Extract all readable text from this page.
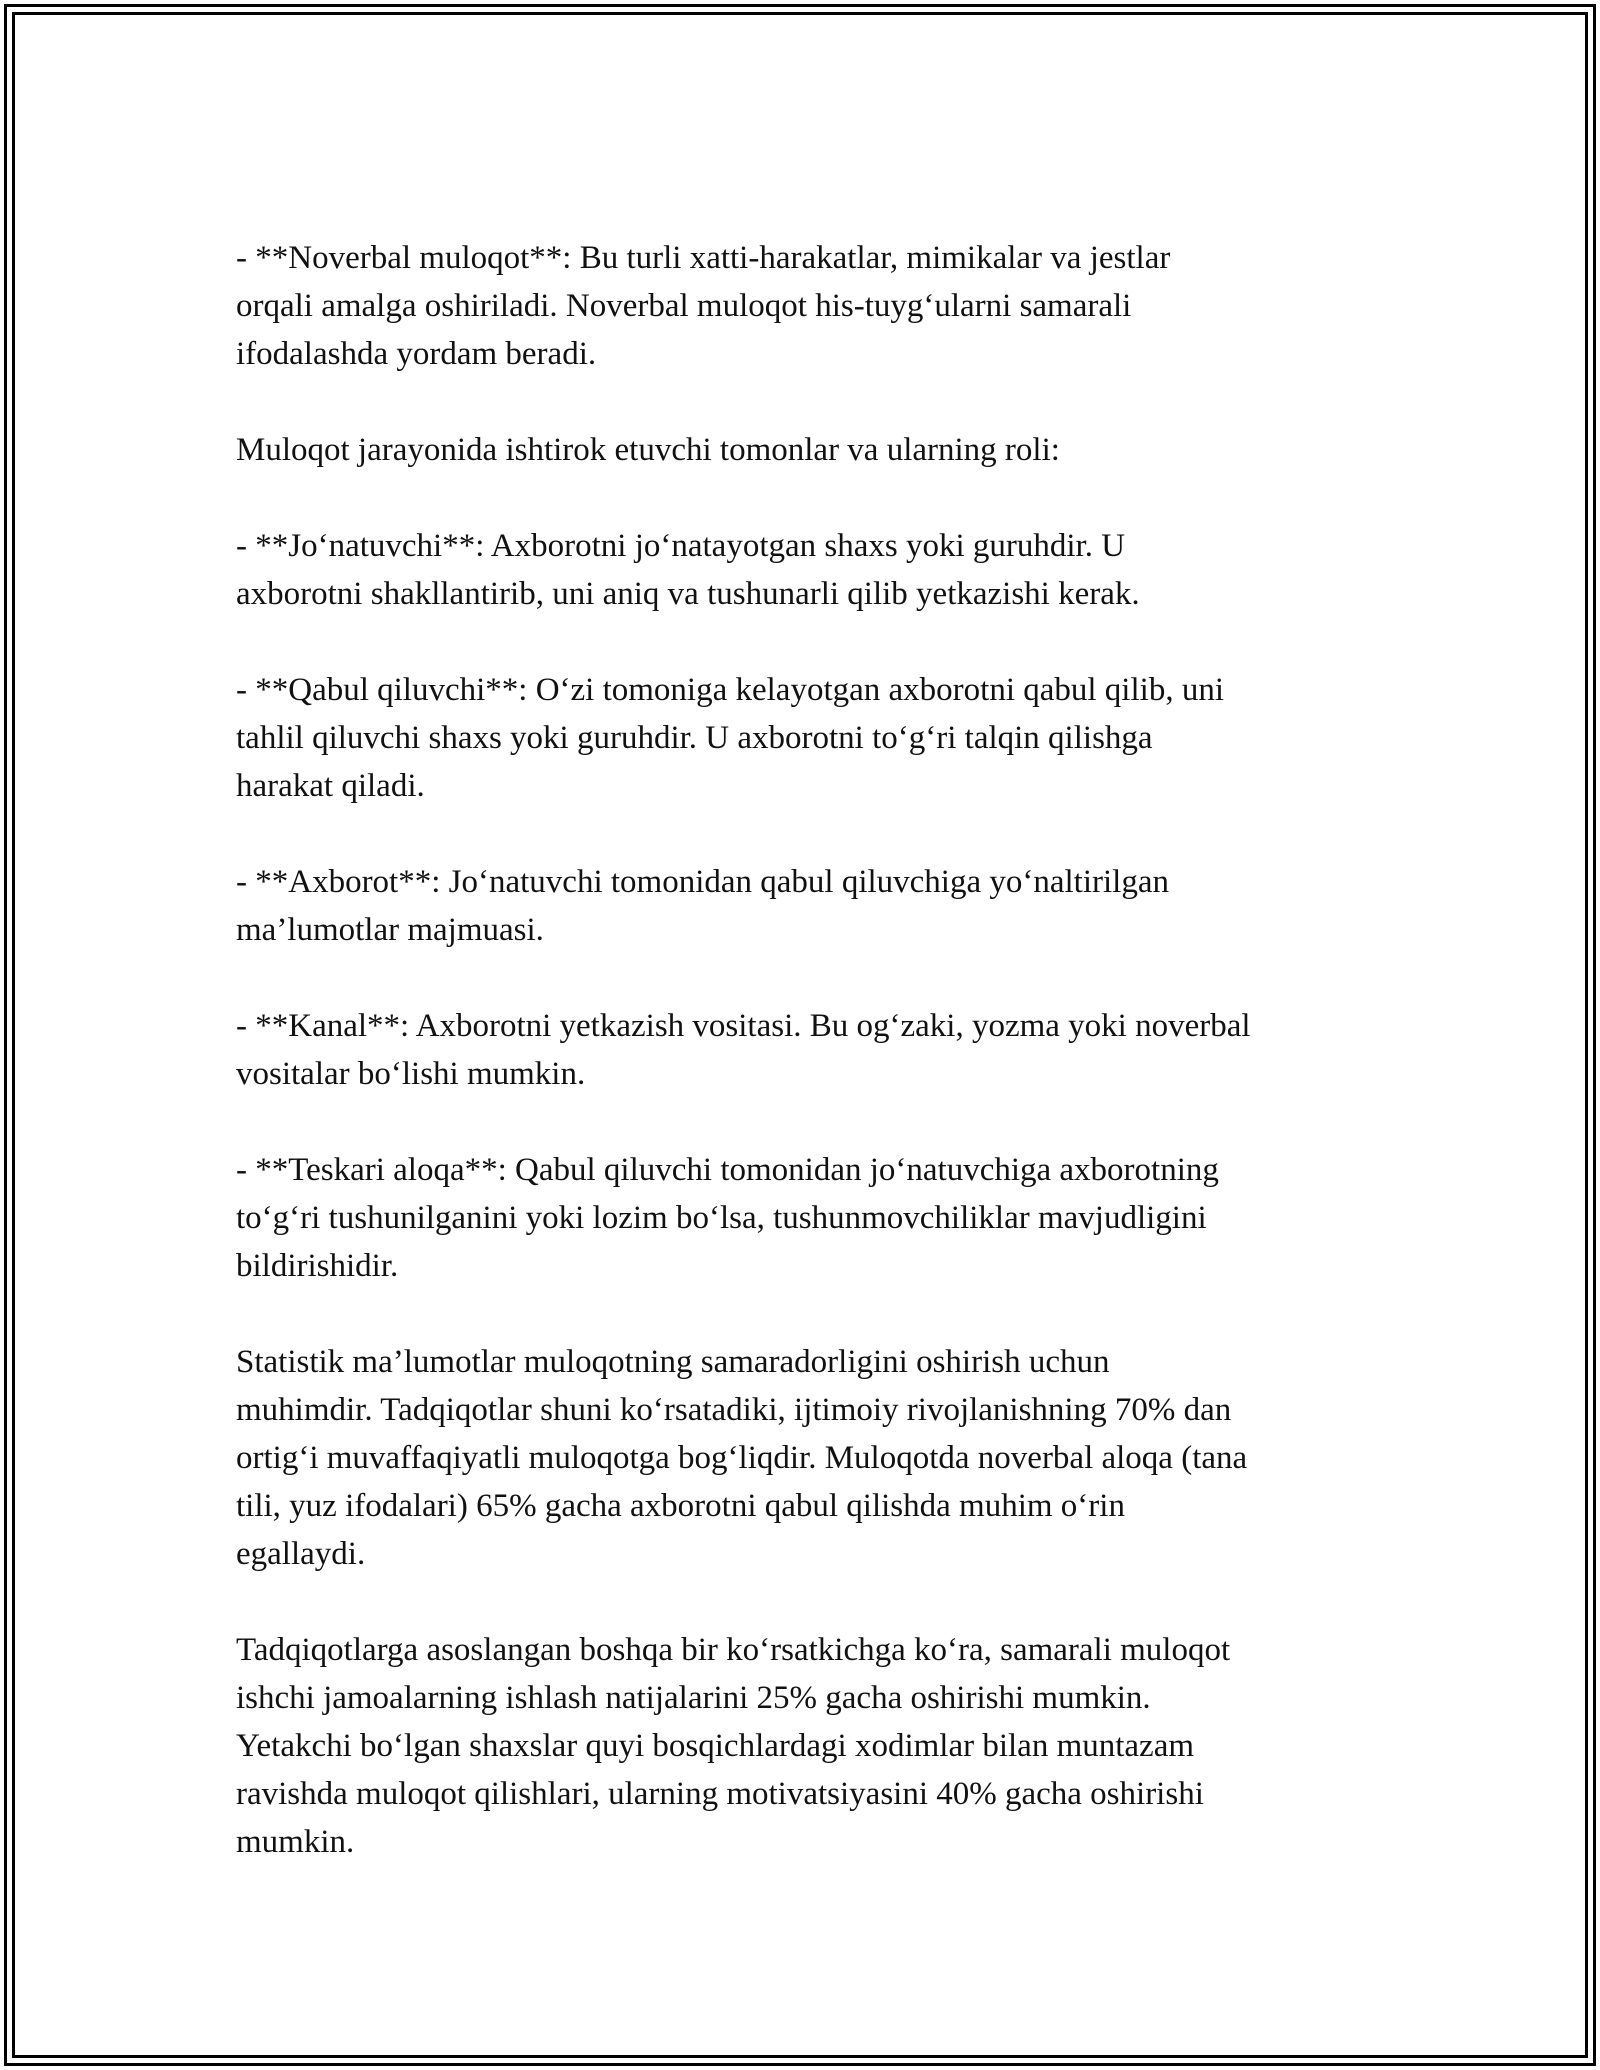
- **Noverbal muloqot**: Bu turli xatti-harakatlar, mimikalar va jestlar
orqali amalga oshiriladi. Noverbal muloqot his-tuyg‘ularni samarali
ifodalashda yordam beradi.

Muloqot jarayonida ishtirok etuvchi tomonlar va ularning roli:

- **Jo‘natuvchi**: Axborotni jo‘natayotgan shaxs yoki guruhdir. U
axborotni shakllantirib, uni aniq va tushunarli qilib yetkazishi kerak.

- **Qabul qiluvchi**: O‘zi tomoniga kelayotgan axborotni qabul qilib, uni
tahlil qiluvchi shaxs yoki guruhdir. U axborotni to‘g‘ri talqin qilishga
harakat qiladi.

- **Axborot**: Jo‘natuvchi tomonidan qabul qiluvchiga yo‘naltirilgan
ma’lumotlar majmuasi.

- **Kanal**: Axborotni yetkazish vositasi. Bu og‘zaki, yozma yoki noverbal
vositalar bo‘lishi mumkin.

- **Teskari aloqa**: Qabul qiluvchi tomonidan jo‘natuvchiga axborotning
to‘g‘ri tushunilganini yoki lozim bo‘lsa, tushunmovchiliklar mavjudligini
bildirishidir.

Statistik ma’lumotlar muloqotning samaradorligini oshirish uchun
muhimdir. Tadqiqotlar shuni ko‘rsatadiki, ijtimoiy rivojlanishning 70% dan
ortig‘i muvaffaqiyatli muloqotga bog‘liqdir. Muloqotda noverbal aloqa (tana
tili, yuz ifodalari) 65% gacha axborotni qabul qilishda muhim o‘rin
egallaydi.

Tadqiqotlarga asoslangan boshqa bir ko‘rsatkichga ko‘ra, samarali muloqot
ishchi jamoalarning ishlash natijalarini 25% gacha oshirishi mumkin.
Yetakchi bo‘lgan shaxslar quyi bosqichlardagi xodimlar bilan muntazam
ravishda muloqot qilishlari, ularning motivatsiyasini 40% gacha oshirishi
mumkin.
